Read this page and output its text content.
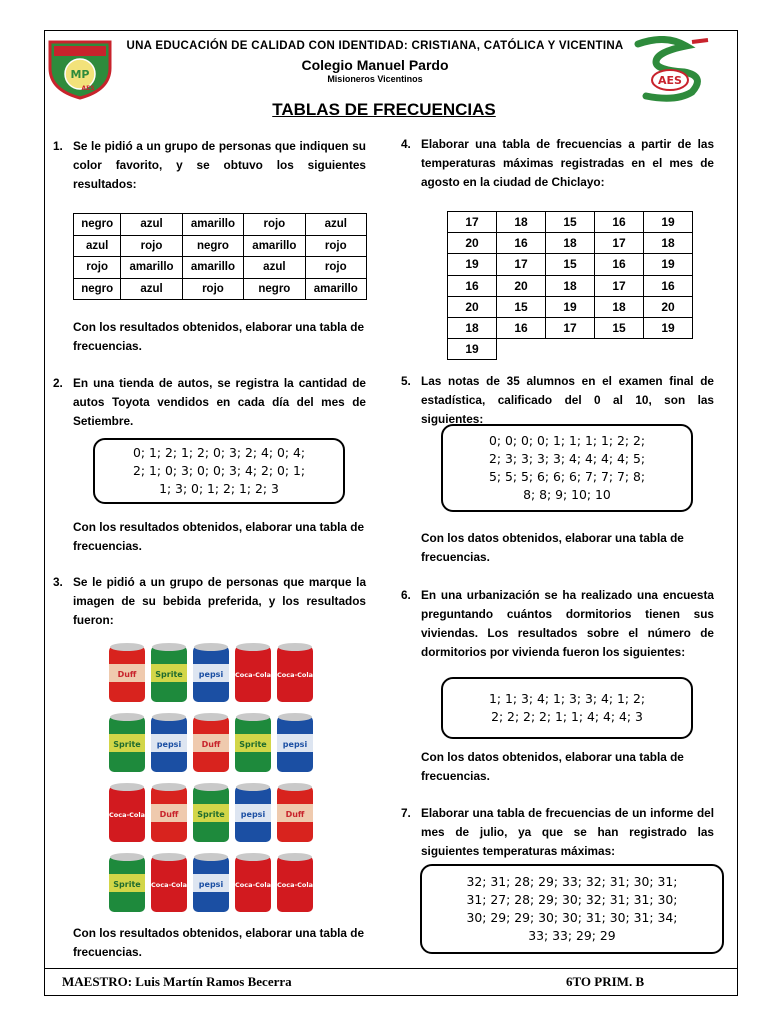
MP
AES
UNA EDUCACIÓN DE CALIDAD CON IDENTIDAD: CRISTIANA, CATÓLICA Y VICENTINA
Colegio Manuel Pardo
Misioneros Vicentinos	AES
TABLAS DE FRECUENCIAS
1. Se le pidió a un grupo de personas que indiquen su color favorito, y se obtuvo los siguientes resultados:
negro	azul	amarillo	rojo	azul
azul	rojo	negro	amarillo	rojo
rojo	amarillo	amarillo	azul	rojo
negro	azul	rojo	negro	amarillo
Con los resultados obtenidos, elaborar una tabla de frecuencias.
2. En una tienda de autos, se registra la cantidad de autos Toyota vendidos en cada día del mes de Setiembre.
0; 1; 2; 1; 2; 0; 3; 2; 4; 0; 4;
2; 1; 0; 3; 0; 0; 3; 4; 2; 0; 1;
1; 3; 0; 1; 2; 1; 2; 3
Con los resultados obtenidos, elaborar una tabla de frecuencias.
3. Se le pidió a un grupo de personas que marque la imagen de su bebida preferida, y los resultados fueron:
Duff Sprite pepsi Coca-Cola Coca-Cola
Sprite pepsi	Duff Sprite pepsi
Coca-Cola Duff Sprite pepsi	Duff
Sprite Coca-Cola pepsi Coca-Cola Coca-Cola
Con los resultados obtenidos, elaborar una tabla de frecuencias.
4. Elaborar una tabla de frecuencias a partir de las temperaturas máximas registradas en el mes de agosto en la ciudad de Chiclayo:
17	18	15	16	19
20	16	18	17	18
19	17	15	16	19
16	20	18	17	16
20	15	19	18	20
18	16	17	15	19
19				
5. Las notas de 35 alumnos en el examen final de estadística, calificado del 0 al 10, son las siguientes:
0; 0; 0; 0; 1; 1; 1; 1; 2; 2;
2; 3; 3; 3; 3; 4; 4; 4; 4; 5;
5; 5; 5; 6; 6; 6; 7; 7; 7; 8;
8; 8; 9; 10; 10
Con los datos obtenidos, elaborar una tabla de frecuencias.
6. En una urbanización se ha realizado una encuesta preguntando cuántos dormitorios tienen sus viviendas. Los resultados sobre el número de dormitorios por vivienda fueron los siguientes:
1; 1; 3; 4; 1; 3; 3; 4; 1; 2;
2; 2; 2; 2; 1; 1; 4; 4; 4; 3
Con los datos obtenidos, elaborar una tabla de frecuencias.
7. Elaborar una tabla de frecuencias de un informe del mes de julio, ya que se han registrado las siguientes temperaturas máximas:
32; 31; 28; 29; 33; 32; 31; 30; 31;
31; 27; 28; 29; 30; 32; 31; 31; 30;
30; 29; 29; 30; 30; 31; 30; 31; 34;
33; 33; 29; 29
MAESTRO: Luis Martín Ramos Becerra	6TO PRIM. B
